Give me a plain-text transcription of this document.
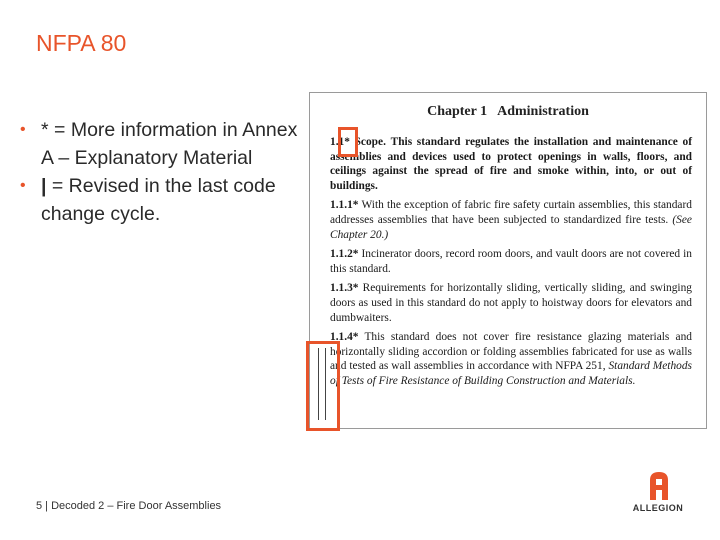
NFPA 80
• * = More information in Annex A – Explanatory Material
• | = Revised in the last code change cycle.
Chapter 1 Administration

1.1* Scope. This standard regulates the installation and maintenance of assemblies and devices used to protect openings in walls, floors, and ceilings against the spread of fire and smoke within, into, or out of buildings.

1.1.1* With the exception of fabric fire safety curtain assemblies, this standard addresses assemblies that have been subjected to standardized fire tests. (See Chapter 20.)

1.1.2* Incinerator doors, record room doors, and vault doors are not covered in this standard.

1.1.3* Requirements for horizontally sliding, vertically sliding, and swinging doors as used in this standard do not apply to hoistway doors for elevators and dumbwaiters.

1.1.4* This standard does not cover fire resistance glazing materials and horizontally sliding accordion or folding assemblies fabricated for use as walls and tested as wall assemblies in accordance with NFPA 251, Standard Methods of Tests of Fire Resistance of Building Construction and Materials.

5 | Decoded 2 – Fire Door Assemblies	ALLEGION
